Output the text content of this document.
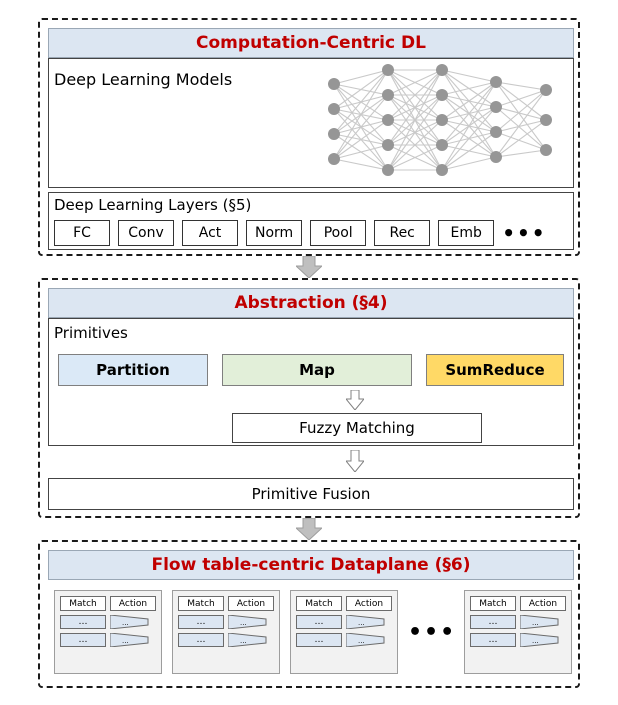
Computation-Centric DL
Deep Learning Models
Deep Learning Layers (§5)
FC	Conv	Act	Norm	Pool	Rec	Emb	•••
Abstraction (§4)
Primitives
Partition	Map	SumReduce
Fuzzy Matching
Primitive Fusion
Flow table-centric Dataplane (§6)
Match	Action
…	...
…	...
Match	Action
…	...
…	...
Match	Action
…	...
…	... •••
Match	Action
…	...
…	...
